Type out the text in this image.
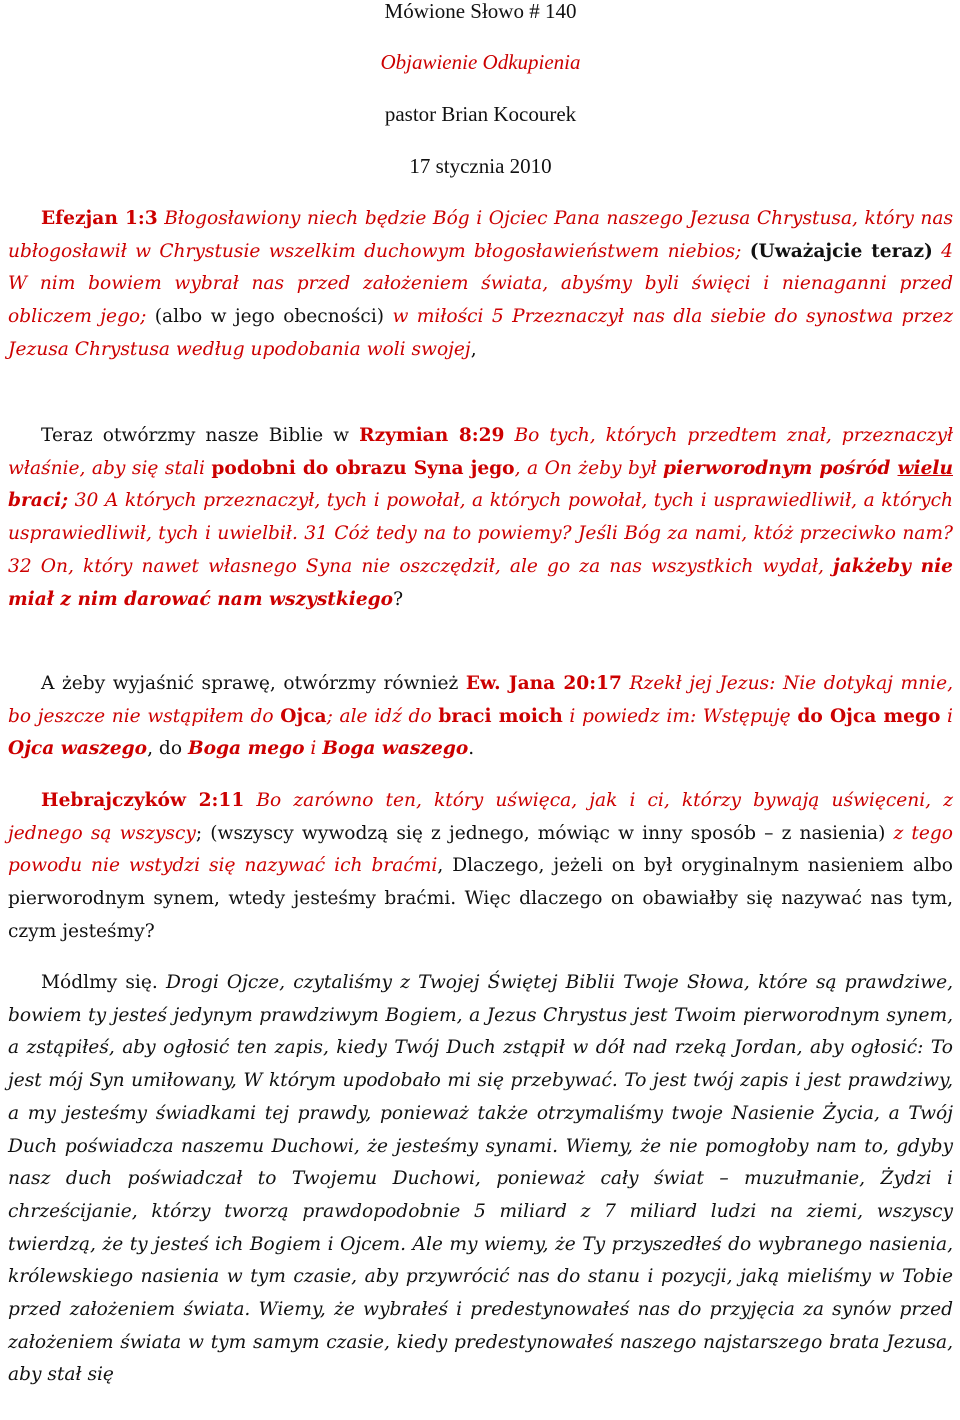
Mówione Słowo # 140
Objawienie Odkupienia
pastor Brian Kocourek
17 stycznia 2010

Efezjan 1:3 Błogosławiony niech będzie Bóg i Ojciec Pana naszego Jezusa Chrystusa, który nas ubłogosławił w Chrystusie wszelkim duchowym błogosławieństwem niebios; (Uważajcie teraz) 4 W nim bowiem wybrał nas przed założeniem świata, abyśmy byli święci i nienaganni przed obliczem jego; (albo w jego obecności) w miłości 5 Przeznaczył nas dla siebie do synostwa przez Jezusa Chrystusa według upodobania woli swojej,

Teraz otwórzmy nasze Biblie w Rzymian 8:29 Bo tych, których przedtem znał, przeznaczył właśnie, aby się stali podobni do obrazu Syna jego, a On żeby był pierworodnym pośród wielu braci; 30 A których przeznaczył, tych i powołał, a których powołał, tych i usprawiedliwił, a których usprawiedliwił, tych i uwielbił. 31 Cóż tedy na to powiemy? Jeśli Bóg za nami, któż przeciwko nam? 32 On, który nawet własnego Syna nie oszczędził, ale go za nas wszystkich wydał, jakżeby nie miał z nim darować nam wszystkiego?

A żeby wyjaśnić sprawę, otwórzmy również Ew. Jana 20:17 Rzekł jej Jezus: Nie dotykaj mnie, bo jeszcze nie wstąpiłem do Ojca; ale idź do braci moich i powiedz im: Wstępuję do Ojca mego i Ojca waszego, do Boga mego i Boga waszego.

Hebrajczyków 2:11 Bo zarówno ten, który uświęca, jak i ci, którzy bywają uświęceni, z jednego są wszyscy; (wszyscy wywodzą się z jednego, mówiąc w inny sposób – z nasienia) z tego powodu nie wstydzi się nazywać ich braćmi, Dlaczego, jeżeli on był oryginalnym nasieniem albo pierworodnym synem, wtedy jesteśmy braćmi. Więc dlaczego on obawiałby się nazywać nas tym, czym jesteśmy?

Módlmy się. Drogi Ojcze, czytaliśmy z Twojej Świętej Biblii Twoje Słowa, które są prawdziwe, bowiem ty jesteś jedynym prawdziwym Bogiem, a Jezus Chrystus jest Twoim pierworodnym synem, a zstąpiłeś, aby ogłosić ten zapis, kiedy Twój Duch zstąpił w dół nad rzeką Jordan, aby ogłosić: To jest mój Syn umiłowany, W którym upodobało mi się przebywać. To jest twój zapis i jest prawdziwy, a my jesteśmy świadkami tej prawdy, ponieważ także otrzymaliśmy twoje Nasienie Życia, a Twój Duch poświadcza naszemu Duchowi, że jesteśmy synami. Wiemy, że nie pomogłoby nam to, gdyby nasz duch poświadczał to Twojemu Duchowi, ponieważ cały świat – muzułmanie, Żydzi i chrześcijanie, którzy tworzą prawdopodobnie 5 miliard z 7 miliard ludzi na ziemi, wszyscy twierdzą, że ty jesteś ich Bogiem i Ojcem. Ale my wiemy, że Ty przyszedłeś do wybranego nasienia, królewskiego nasienia w tym czasie, aby przywrócić nas do stanu i pozycji, jaką mieliśmy w Tobie przed założeniem świata. Wiemy, że wybrałeś i predestynowałeś nas do przyjęcia za synów przed założeniem świata w tym samym czasie, kiedy predestynowałeś naszego najstarszego brata Jezusa, aby stał się
